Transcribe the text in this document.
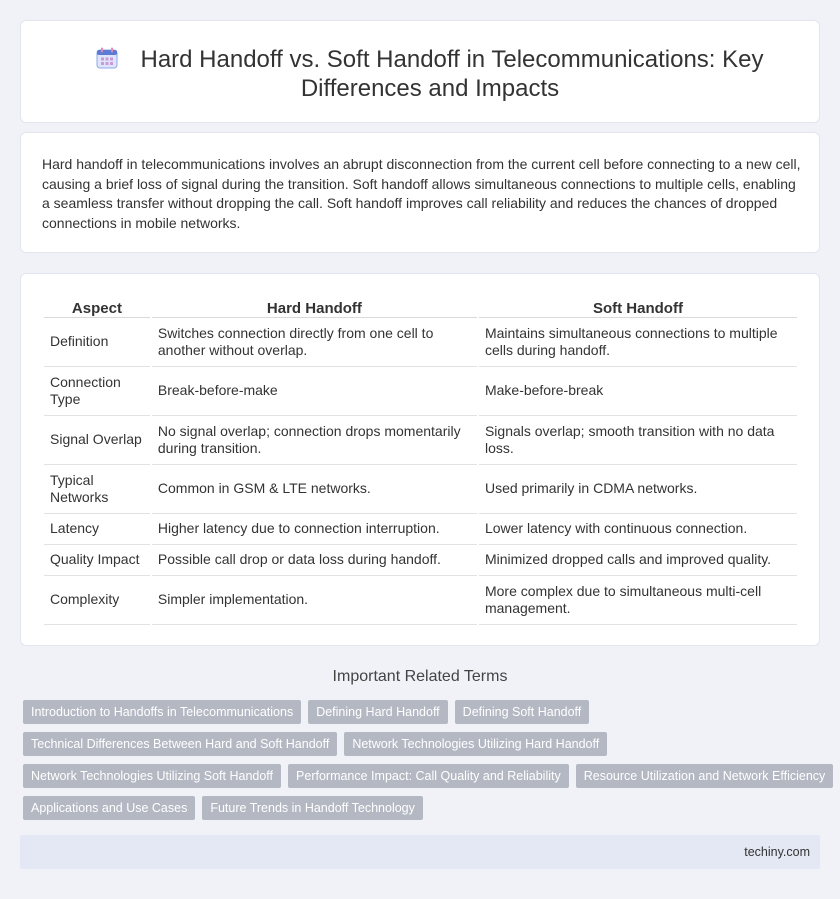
Hard Handoff vs. Soft Handoff in Telecommunications: Key Differences and Impacts

Hard handoff in telecommunications involves an abrupt disconnection from the current cell before connecting to a new cell, causing a brief loss of signal during the transition. Soft handoff allows simultaneous connections to multiple cells, enabling a seamless transfer without dropping the call. Soft handoff improves call reliability and reduces the chances of dropped connections in mobile networks.

Aspect	Hard Handoff	Soft Handoff
Definition	Switches connection directly from one cell to another without overlap.	Maintains simultaneous connections to multiple cells during handoff.
Connection Type	Break-before-make	Make-before-break
Signal Overlap	No signal overlap; connection drops momentarily during transition.	Signals overlap; smooth transition with no data loss.
Typical Networks	Common in GSM & LTE networks.	Used primarily in CDMA networks.
Latency	Higher latency due to connection interruption.	Lower latency with continuous connection.
Quality Impact	Possible call drop or data loss during handoff.	Minimized dropped calls and improved quality.
Complexity	Simpler implementation.	More complex due to simultaneous multi-cell management.
Important Related Terms
Introduction to Handoffs in Telecommunications	Defining Hard Handoff	Defining Soft Handoff
Technical Differences Between Hard and Soft Handoff	Network Technologies Utilizing Hard Handoff
Network Technologies Utilizing Soft Handoff	Performance Impact: Call Quality and Reliability	Resource Utilization and Network Efficiency
Applications and Use Cases	Future Trends in Handoff Technology
techiny.com
